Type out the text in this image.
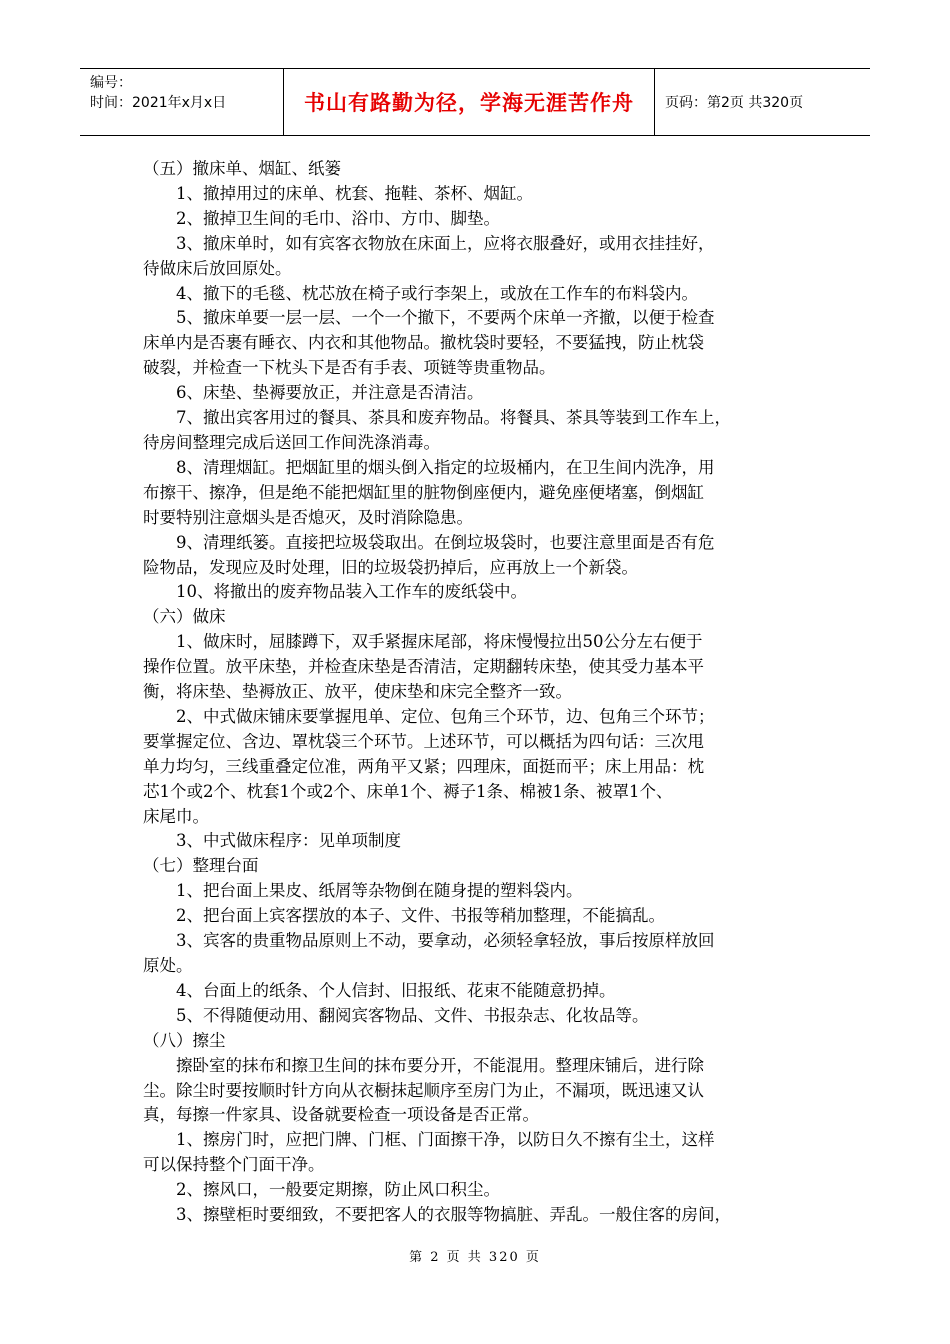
编号：
时间：2021年x月x日	书山有路勤为径，学海无涯苦作舟	页码：第2页 共320页

（五）撤床单、烟缸、纸篓

1、撤掉用过的床单、枕套、拖鞋、茶杯、烟缸。

2、撤掉卫生间的毛巾、浴巾、方巾、脚垫。

3、撤床单时，如有宾客衣物放在床面上，应将衣服叠好，或用衣挂挂好，

待做床后放回原处。

4、撤下的毛毯、枕芯放在椅子或行李架上，或放在工作车的布料袋内。

5、撤床单要一层一层、一个一个撤下，不要两个床单一齐撤，以便于检查

床单内是否裹有睡衣、内衣和其他物品。撤枕袋时要轻，不要猛拽，防止枕袋

破裂，并检查一下枕头下是否有手表、项链等贵重物品。

6、床垫、垫褥要放正，并注意是否清洁。

7、撤出宾客用过的餐具、茶具和废弃物品。将餐具、茶具等装到工作车上，

待房间整理完成后送回工作间洗涤消毒。

8、清理烟缸。把烟缸里的烟头倒入指定的垃圾桶内，在卫生间内洗净，用

布擦干、擦净，但是绝不能把烟缸里的脏物倒座便内，避免座便堵塞，倒烟缸

时要特别注意烟头是否熄灭，及时消除隐患。

9、清理纸篓。直接把垃圾袋取出。在倒垃圾袋时，也要注意里面是否有危

险物品，发现应及时处理，旧的垃圾袋扔掉后，应再放上一个新袋。

10、将撤出的废弃物品装入工作车的废纸袋中。

（六）做床

1、做床时，屈膝蹲下，双手紧握床尾部，将床慢慢拉出50公分左右便于

操作位置。放平床垫，并检查床垫是否清洁，定期翻转床垫，使其受力基本平

衡，将床垫、垫褥放正、放平，使床垫和床完全整齐一致。

2、中式做床铺床要掌握甩单、定位、包角三个环节，边、包角三个环节；

要掌握定位、含边、罩枕袋三个环节。上述环节，可以概括为四句话：三次甩

单力均匀，三线重叠定位准，两角平又紧；四理床，面挺而平；床上用品：枕

芯1个或2个、枕套1个或2个、床单1个、褥子1条、棉被1条、被罩1个、

床尾巾。

3、中式做床程序：见单项制度

（七）整理台面

1、把台面上果皮、纸屑等杂物倒在随身提的塑料袋内。

2、把台面上宾客摆放的本子、文件、书报等稍加整理，不能搞乱。

3、宾客的贵重物品原则上不动，要拿动，必须轻拿轻放，事后按原样放回

原处。

4、台面上的纸条、个人信封、旧报纸、花束不能随意扔掉。

5、不得随便动用、翻阅宾客物品、文件、书报杂志、化妆品等。

（八）擦尘

擦卧室的抹布和擦卫生间的抹布要分开，不能混用。整理床铺后，进行除

尘。除尘时要按顺时针方向从衣橱抹起顺序至房门为止，不漏项，既迅速又认

真，每擦一件家具、设备就要检查一项设备是否正常。

1、擦房门时，应把门牌、门框、门面擦干净，以防日久不擦有尘土，这样

可以保持整个门面干净。

2、擦风口，一般要定期擦，防止风口积尘。

3、擦壁柜时要细致，不要把客人的衣服等物搞脏、弄乱。一般住客的房间，

第 2 页 共 320 页
